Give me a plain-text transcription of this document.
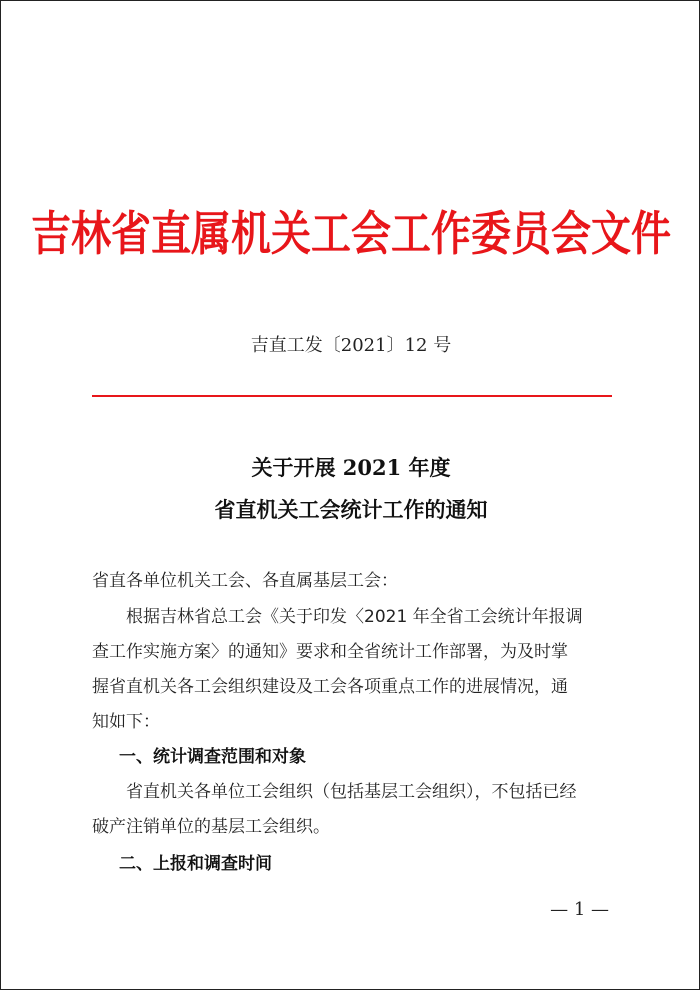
吉林省直属机关工会工作委员会文件
吉直工发〔2021〕12 号
关于开展 2021 年度
省直机关工会统计工作的通知
省直各单位机关工会、各直属基层工会：
　　根据吉林省总工会《关于印发〈2021 年全省工会统计年报调
查工作实施方案〉的通知》要求和全省统计工作部署，为及时掌
握省直机关各工会组织建设及工会各项重点工作的进展情况，通
知如下：
一、统计调查范围和对象
　　省直机关各单位工会组织（包括基层工会组织），不包括已经
破产注销单位的基层工会组织。
二、上报和调查时间
— 1 —
